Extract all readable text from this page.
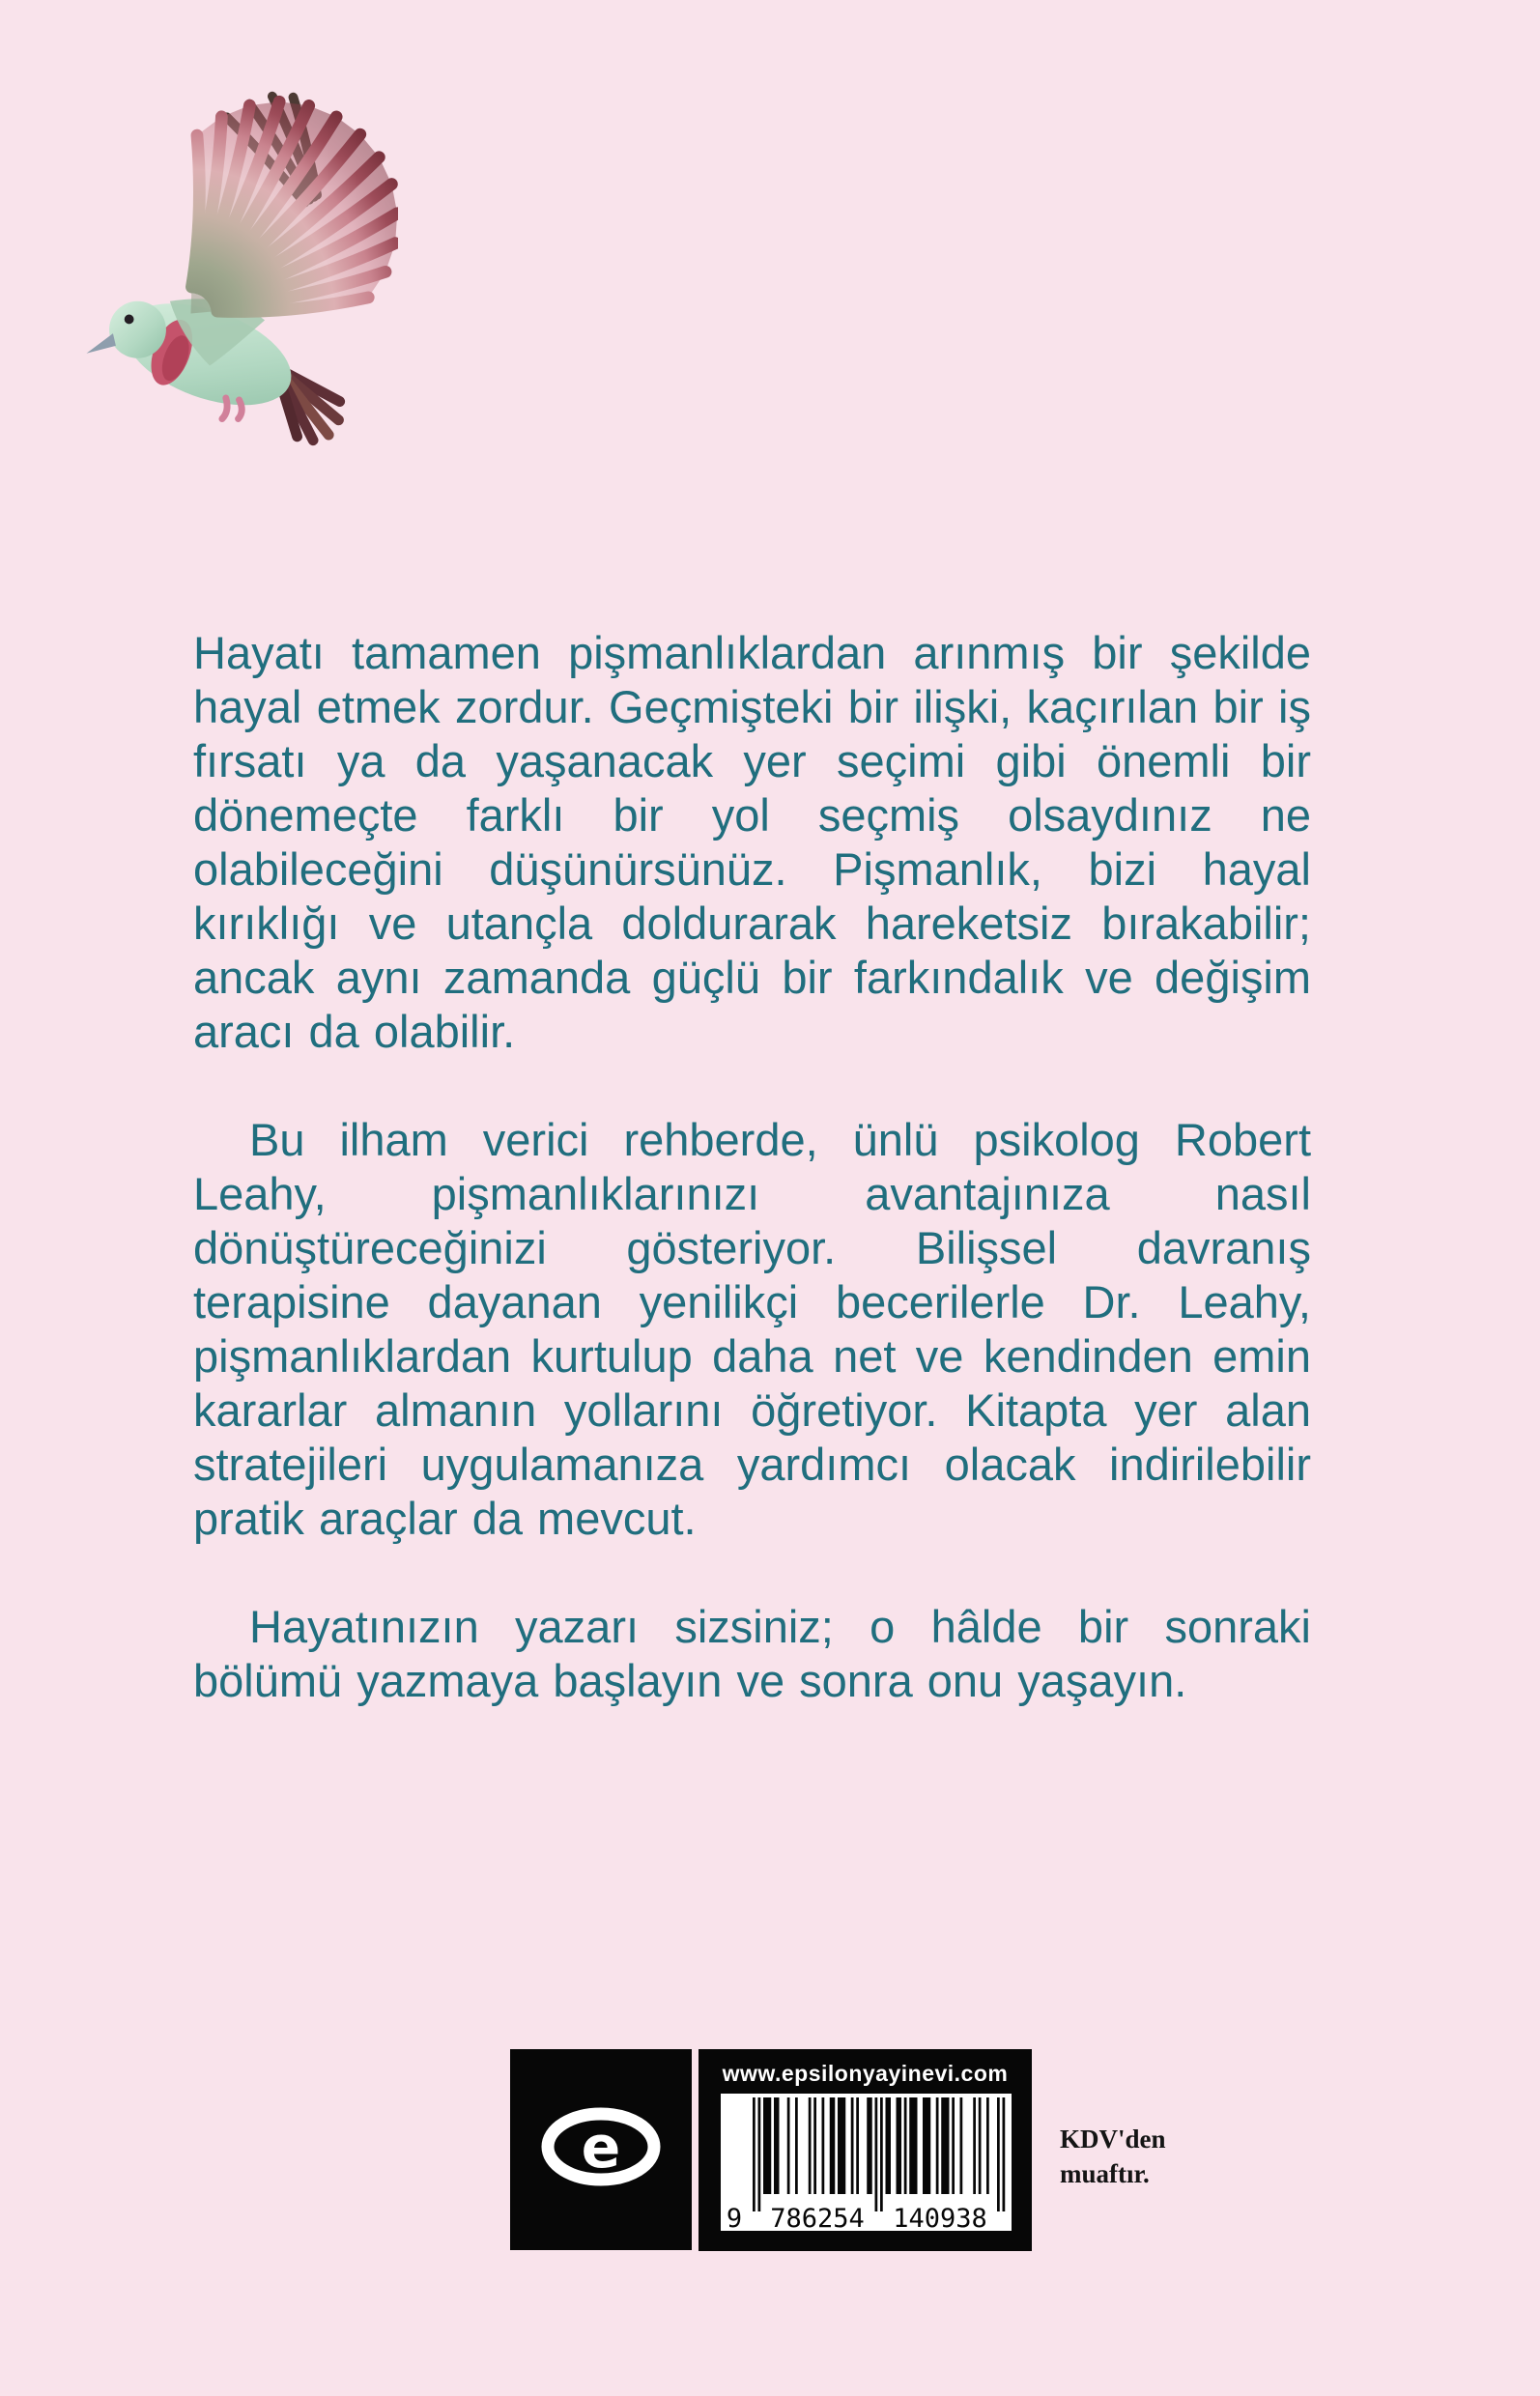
Hayatı tamamen pişmanlıklardan arınmış bir şekilde hayal etmek zordur. Geçmişteki bir ilişki, kaçırılan bir iş fırsatı ya da yaşanacak yer seçimi gibi önemli bir dönemeçte farklı bir yol seçmiş olsaydınız ne olabileceğini düşünürsünüz. Pişmanlık, bizi hayal kırıklığı ve utançla doldurarak hareketsiz bırakabilir; ancak aynı zamanda güçlü bir farkındalık ve değişim aracı da olabilir.

Bu ilham verici rehberde, ünlü psikolog Robert Leahy, pişmanlıklarınızı avantajınıza nasıl dönüştüreceğinizi gösteriyor. Bilişsel davranış terapisine dayanan yenilikçi becerilerle Dr. Leahy, pişmanlıklardan kurtulup daha net ve kendinden emin kararlar almanın yollarını öğretiyor. Kitapta yer alan stratejileri uygulamanıza yardımcı olacak indirilebilir pratik araçlar da mevcut.

Hayatınızın yazarı sizsiniz; o hâlde bir sonraki bölümü yazmaya başlayın ve sonra onu yaşayın.

e
www.epsilonyayinevi.com
9 786254 140938
KDV'den
muaftır.
